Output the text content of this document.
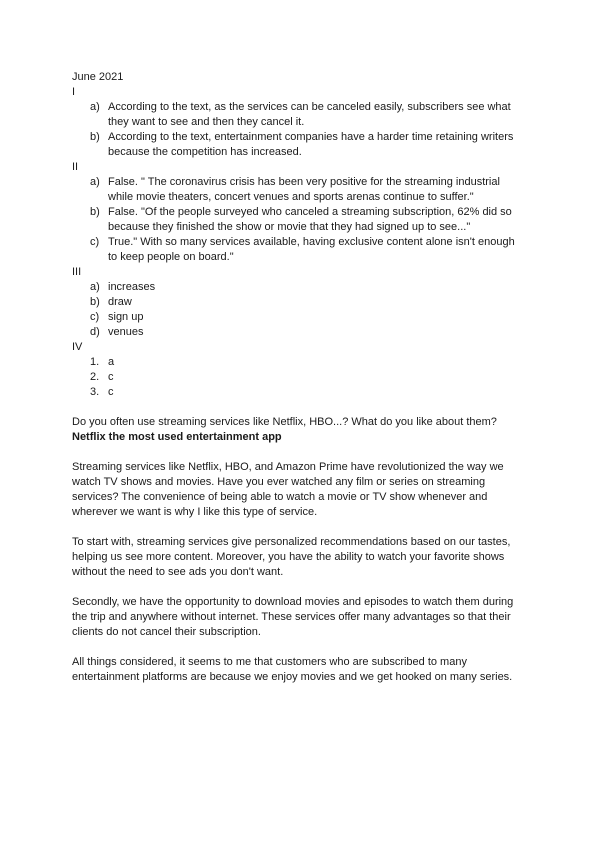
June 2021

I

a) According to the text, as the services can be canceled easily, subscribers see what
they want to see and then they cancel it.
b) According to the text, entertainment companies have a harder time retaining writers
because the competition has increased.

II

a) False. " The coronavirus crisis has been very positive for the streaming industrial
while movie theaters, concert venues and sports arenas continue to suffer."
b) False. "Of the people surveyed who canceled a streaming subscription, 62% did so
because they finished the show or movie that they had signed up to see..."
c) True." With so many services available, having exclusive content alone isn't enough
to keep people on board."

III

a) increases
b) draw
c) sign up
d) venues

IV

1. a
2. c
3. c

Do you often use streaming services like Netflix, HBO...? What do you like about them?

Netflix the most used entertainment app

Streaming services like Netflix, HBO, and Amazon Prime have revolutionized the way we
watch TV shows and movies. Have you ever watched any film or series on streaming
services? The convenience of being able to watch a movie or TV show whenever and
wherever we want is why I like this type of service.
To start with, streaming services give personalized recommendations based on our tastes,
helping us see more content. Moreover, you have the ability to watch your favorite shows
without the need to see ads you don't want.
Secondly, we have the opportunity to download movies and episodes to watch them during
the trip and anywhere without internet. These services offer many advantages so that their
clients do not cancel their subscription.
All things considered, it seems to me that customers who are subscribed to many
entertainment platforms are because we enjoy movies and we get hooked on many series.
